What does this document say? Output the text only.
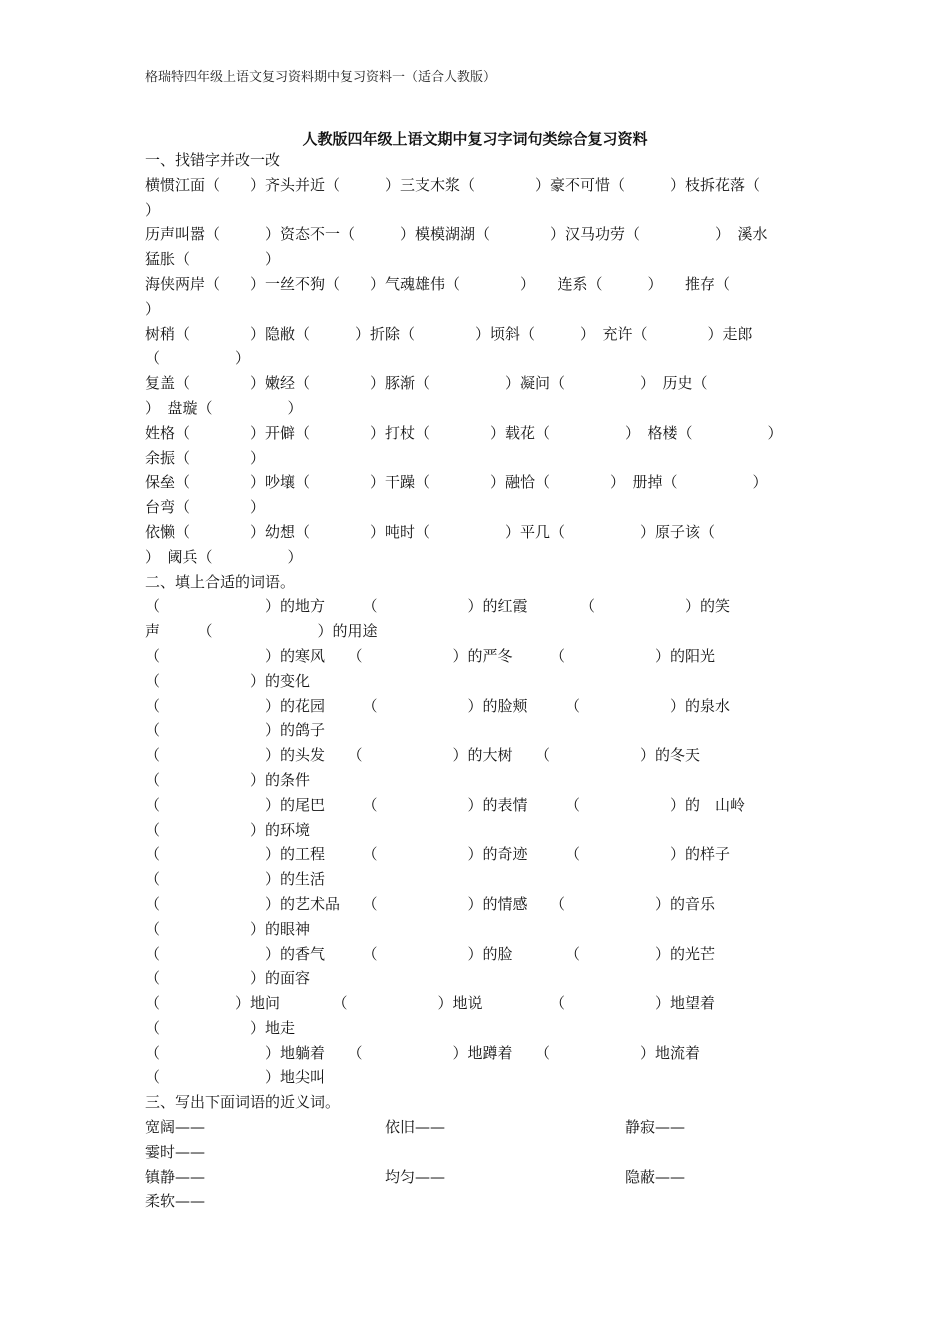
格瑞特四年级上语文复习资料期中复习资料一（适合人教版）
人教版四年级上语文期中复习字词句类综合复习资料
一、找错字并改一改
横惯江面（　　）齐头并近（　　　）三支木浆（　　　　）豪不可惜（　　　）枝拆花落（
）
历声叫嚣（　　　）资态不一（　　　）模模湖湖（　　　　）汉马功劳（　　　　　）　溪水
猛胀（　　　　　）
海侠两岸（　　）一丝不狗（　　）气魂雄伟（　　　　）　　连系（　　　）　　推存（
）
树稍（　　　　）隐敝（　　　）折除（　　　　）顷斜（　　　）　充许（　　　　）走郎
（　　　　　）
复盖（　　　　）嫩经（　　　　）豚渐（　　　　　）凝问（　　　　　）　历史（
）　盘璇（　　　　　）
姓格（　　　　）开僻（　　　　）打杖（　　　　）载花（　　　　　）　格楼（　　　　　）
余振（　　　　）
保垒（　　　　）吵壤（　　　　）干躁（　　　　）融恰（　　　　）　册掉（　　　　　）
台弯（　　　　）
依懒（　　　　）幼想（　　　　）吨时（　　　　　）平几（　　　　　）原子该（
）　阈兵（　　　　　）
二、填上合适的词语。
（　　　　　　　）的地方　　　（　　　　　　）的红霞　　　　（　　　　　　）的笑
声　　　（　　　　　　　）的用途
（　　　　　　　）的寒风　　（　　　　　　）的严冬　　　（　　　　　　）的阳光
（　　　　　　）的变化
（　　　　　　　）的花园　　　（　　　　　　）的脸颊　　　（　　　　　　）的泉水
（　　　　　　　）的鸽子
（　　　　　　　）的头发　　（　　　　　　）的大树　　（　　　　　　）的冬天
（　　　　　　）的条件
（　　　　　　　）的尾巴　　　（　　　　　　）的表情　　　（　　　　　　）的　山岭
（　　　　　　）的环境
（　　　　　　　）的工程　　　（　　　　　　）的奇迹　　　（　　　　　　）的样子
（　　　　　　　）的生活
（　　　　　　　）的艺术品　　（　　　　　　）的情感　　（　　　　　　）的音乐
（　　　　　　）的眼神
（　　　　　　　）的香气　　　（　　　　　　）的脸　　　　（　　　　　）的光芒
（　　　　　　）的面容
（　　　　　）地问　　　　（　　　　　　）地说　　　　　（　　　　　　）地望着
（　　　　　　）地走
（　　　　　　　）地躺着　　（　　　　　　）地蹲着　　（　　　　　　）地流着
（　　　　　　　）地尖叫
三、写出下面词语的近义词。
宽阔——　　　　　　　　　　　　依旧——　　　　　　　　　　　　静寂——
霎时——
镇静——　　　　　　　　　　　　均匀——　　　　　　　　　　　　隐蔽——
柔软——
